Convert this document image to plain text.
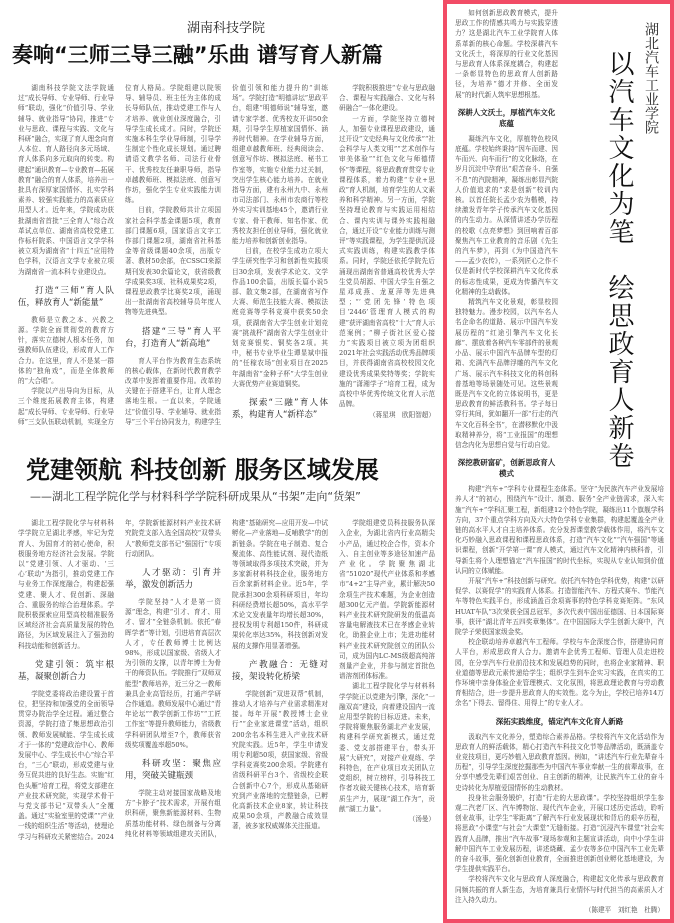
湖南科技学院
奏响“三师三导三融”乐曲 谱写育人新篇

湖南科技学院文法学院通过“成长导师、专业导师、行业导师”联动，强化“价值引导、学业辅导、就业指导”协同，推进“专业与思政、课程与实践、文化与科研”融合，实现了育人理念向育人本位、育人路径向多元场域、育人体系向多元取向的转变。构建起“通识教育—专业教育—拓展教育”融合的育人体系，培养出一批具有深厚家国情怀、扎实学科素养、较强实践能力的高素质应用型人才。近年来，学院成功获批湖南省首批“三全育人”综合改革试点单位、湖南省高校党建工作标杆院系、中国语言文学学科被立项为湖南省“十四五”应用特色学科，汉语言文学专业被立项为湖南省一流本科专业建设点。

打造“三师”育人队伍，释放育人“新能量”

教师是立教之本、兴教之源。学院全面贯彻党的教育方针，落实立德树人根本任务，加强教师队伍建设，形成育人工作合力。在这里，育人不是某一群体的“独角戏”，而是全体教师的“大合唱”。

学院以产出导向为目标，从三个维度拓展教育主体，构建起“成长导师、专业导师、行业导师”三支队伍联动机制，实现全方位育人格局。学院组建以院领导、辅导员、班主任为主体的成长导师队伍，推动党建工作与人才培养、就业创业深度融合，引导学生成长成才。同时，学院还实施本科生学业导师制，引导学生制定个性化成长规划。通过聘请语文教学名师、司法行业骨干、优秀校友任兼职导师，指导卓越教师班、模拟法庭、创意写作坊，强化学生专业实践能力训练。

目前，学院教师共计立项国家社会科学基金课题5项，教育部门课题6项，国家语言文字工作部门课题2项，湖南省社科基金等省级课题40余项，出版专著、教材50余部，在CSSCI来源期刊发表30余篇论文，获省级教学成果奖3项、社科成果奖2项，课程思政教学比赛奖2项，涌现出一批湖南省高校辅导员年度人物等先进典型。

搭建“三导”育人平台，打造育人“新高地”

育人平台作为教育生态系统的核心载体，在新时代教育教学改革中发挥着重要作用。改革的关键在于搭建平台，让育人理念落地生根。一直以来，学院通过“价值引导、学业辅导、就业指导”三个平台协同发力，构建学生价值引领和能力提升的“训练场”。学院打造“明德讲坛”思政平台，组建“明德师说”辅导室，邀请专家学者、优秀校友开讲50余期，引导学生厚植家国情怀、涵养时代精神。在学业辅导方面，组建卓越教师班、经典阅读会、创意写作坊、模拟法庭、秘书工作室等，实施专业能力过关制，突出学生核心能力培养。在就业指导方面，建有永州九中、永州市司法部门、永州市农商行等校外实习实训基地45个，邀请行业专家、骨干教师、知名作家、优秀校友担任创业导师，强化就业能力培养和创新创业指导。

目前，在校学生成功立项大学生研究性学习和创新性实践项目30余项，发表学术论文、文学作品100余篇，出版长篇小说5部、散文集2部，在湖南省写作大赛、师范生技能大赛、模拟法庭竞赛等学科竞赛中获奖50余项，获湖南省大学生创业计划竞赛“挑战杯”湖南省大学生创业计划竞赛银奖、铜奖各2项。其中，秘书专业毕业生谭显斌申报的“任稼农场”创业项目在2025年湖南省“金种子杯”大学生创业大赛优势产业赛道铜奖。

探索“三融”育人体系，构建育人“新样态”

学院积极推进“专业与思政融合、课程与实践融合、文化与科研融合”一体化建设。

一方面，学院坚持立德树人，加强专业课程思政建设，通过开设“文史经典与文化传承”“社会科学与人类文明”“艺术创作与审美体验”“红色文化与师德情怀”等课程，将思政教育贯穿专业课程体系，着力构建“专业+思政”育人机制，培育学生的人文素养和科学精神。另一方面，学院坚持理论教育与实践运用相结合、课内实训与课外实践相融合，通过开设“专业能力训练与测评”等实践课程，为学生提供沉浸式实践训练，构建实践教学体系。同时，学院还依托学院先后涌现出湖南省普通高校优秀大学生党员胡源、中国大学生自强之星邓成燕、龙夏萍等先进典型；“‘党团先锋’特色项目‘2446’管理育人模式的构建”获评湖南省高校“十大”育人示范案例；“柳子街社区爱心接力”实践项目被立项为团组织2021年社会实践活动优秀品牌项目，并获得湖南省高校校园文化建设优秀成果奖特等奖；学院实施的“潇湘学子”培育工程，成为高校中华优秀传统文化育人示范品牌。

（蒋星琪　欧阳智超）

党建领航 科技创新 服务区域发展
——湖北工程学院化学与材料科学学院科研成果从“书架”走向“货架”

湖北工程学院化学与材料科学学院立足湖北孝感，牢记为党育人、为国育才的初心使命，积极服务地方经济社会发展。学院以“党建引领、人才驱动、‘三心’联动”为指引，推动党建工作与业务工作深度融合，构建起强党建、聚人才、促创新、深融合、重服务的综合治理体系。学院积极探索应用型高校精准服务区域经济社会高质量发展的特色路径，为区域发展注入了强劲的科技动能和创新活力。

党建引领：筑牢根基，凝聚创新合力

学院党委将政治建设置于首位，把坚持和加强党的全面领导贯穿办院治学全过程。通过整合资源，学院打造了集思想政治引领、教师发展赋能、学生成长成才于一体的“党建政治中心、教师发展中心、学生成长中心”综合平台，“三心”联动，形成党建与业务互促共进的良好生态。实施“红色头雁”培育工程，将党支部建在产业技术研究院，实现学术骨干与党支部书记“双带头人”全覆盖。通过“实验室里的党课”“产业一线的组织生活”等活动，使理论学习与科研攻关紧密结合。2024年，学院新能源材料产业技术研究院党支部入选全国高校“双带头人”教师党支部书记“强国行”专项行动团队。

人才驱动：引育并举，激发创新活力

学院坚持“人才是第一资源”理念，构建“引才、育才、用才、留才”全链条机制。依托“春晖学者”等计划，引进培育高层次人才，专任教师博士比例达98%，形成以国家级、省级人才为引领的支撑，以青年博士为骨干的师资队伍。学院推行“双师双能型”教师培养，近三分之一教师兼具企业高管经历，打通产学研合作通道。教师发展中心通过“青年论坛”“教学创新工作坊”“工匠工作室”等提升教师能力，省级教学科研团队增至7个，教师获省级奖项覆盖率超50%。

科研攻坚：聚焦应用，突破关键瓶颈

学院主动对接国家战略及地方“卡脖子”技术需求，开展有组织科研，聚焦新能源材料、生物质基功能材料、绿色制备与分离纯化材料等领域组建攻关团队，构建“基础研究—应用开发—中试孵化—产业落地—反哺教学”的创新链条。学院在电子制造、复合聚流体、高性能试剂、现代造纸等领域取得多项技术突破，并为多家新材料科技企业，服务地方百余家新材料企业。近5年，学院承担300余项科研项目，年均科研经费增长超50%，高水平学术论文发表量年均增长超30%，授权发明专利超150件，科研成果转化率达35%，科技创新对发展的支撑作用显著增强。

产教融合：无缝对接，架设转化桥梁

学院创新“双进双帮”机制，推动人才培养与产业需求精准对接。每年开展“教授博士企业行”“企业家进课堂”活动，组织200余名本科生进入产业技术研究院实践。近5年，学生申请发明专利超50项，获国家级、省级学科竞赛奖200余项。学院建有省级科研平台3个、省级校企联合创新中心7个，形成从基础研究到产业落地的完整链条，已孵化高新技术企业8家，转让科技成果50余项，产教融合成效显著，被多家权威媒体关注报道。

学院组建党员科技服务队深入企业，为湖北省内行业高精尖小产品，通过校企合作，资本介入、自主创业等多途径加速产品产业化。学院聚焦湖北省“51020”现代产业体系和孝感市“4+2”主导产业，累计解决50余项生产技术难题，为企业创造超300亿元产值。学院新能源材料产业技术研究院研发的低温高容量电解液技术已在孝感企业转化，助推企业上市；先进功能材料产业技术研究院创立的团队公司，成为国内LC-MS级超高纯溶剂量产企业，并参与制定首批色谱溶剂团体标准。

湖北工程学院化学与材料科学学院正以党建为引擎，深化“一融双高”建设，向着建设国内一流应用型学院的目标迈进。未来，学院将聚焦服务湖北产业发展，构建科学研究新模式，通过党委、党支部搭建平台，带头开展“大研究”，对接产业观练、学科特色，在产业项目攻关团队立党组织，树立榜样，引导科技工作者攻破关键核心技术，培育新质生产力，展现“湖工作为”，贡献“湖工力量”。

（汤曼）

湖北汽车工业学院
以汽车文化为笔　绘思政育人新卷

如何创新思政教育模式，提升思政工作的情感共鸣力与实践穿透力？这是湖北汽车工业学院育人体系革新的核心命题。学校深耕汽车文化沃土，将深厚的行业文化基因与思政育人体系深度耦合，构建起一条彰显特色的思政育人创新路径，为培养“德才并修、全面发展”的时代新人筑牢思想根基。

深耕人文沃土，厚植汽车文化底蕴

凝练汽车文化，厚植特色校风底蕴。学校始终秉持“因车而建、因车而兴、向车而行”的文化脉络，在岁月沉淀中孕育出“艰苦奋斗、自强不息”的汽院精神，凝练出彰显汽院人价值追求的“求是创新”校训内核。以首任院长孟少农为楷模，持续激发青年学子传承汽车文化基因的内生动力。从深情讲述办学历程的校歌《点亮梦想》到回响着百部聚焦汽车工业教育的音乐剧《先生的汽车梦》，再到《为中国造汽车——孟少农传》，一系列匠心之作不仅是新时代学校深耕汽车文化传承的标志性成果，更成为传播汽车文化精神的生动载体。

精筑汽车文化景观，彰显校园独特魅力。漫步校园，以汽车名人名企命名的道路、展示中国汽车发展历程的“红途引擎汽车文化长廊”、摆放着各种汽车零部件的景观小品、展示中国汽车品牌车型的灯箱、充满汽车品牌浮雕的汽车文化广场、展示汽车科技文化的科创科普基地等场景随处可见。这些景观既是汽车文化的立体说明书，更是思政教育的鲜活教科书。学子每日穿行其间，犹如翻开一部“行走的汽车文化百科全书”，在潜移默化中汲取精神养分，将“工业报国”的理想信念内化为思想自觉与行动自觉。

深挖教研富矿，创新思政育人模式

构建“汽车+”学科专业课程生态体系。坚守“为民族汽车产业发展培养人才”的初心，围绕汽车“设计、制造、服务”全产业链需求，深入实施“汽车+”学科汇聚工程，新组建12个特色学院，凝练出11个旗舰学科方向，37个重点学科方向及六大特色学科专业集群，构建起覆盖全产业链的高水平人才自主培养体系。充分发挥课堂教学载体作用，将汽车文化巧妙融入思政课程和课程思政体系，打造“汽车文化”“汽车强国”等通识课程，创新“开学第一课”育人模式，通过汽车文化精神内核科普，引导新生将个人理想锚定“汽车报国”的时代坐标，实现从专业认知到价值认同的立体赋能。

开展“汽车+”科技创新与研究。依托汽车特色学科优势，构建“以研促学、以赛促学”的实践育人体系。打造智能汽车、方程式赛车、节能汽车等特色实践平台，形成涵盖百余项赛事的特色学科竞赛矩阵。“东风HUAT车队”3次荣获全国总冠军，多次代表中国出征德国、日本国际赛事，获评“湖北青年五四奖章集体”。在中国国际大学生创新大赛中，汽院学子荣获国家级金奖。

校企联动培养卓越汽车工程师。学校与车企深度合作，搭建协同育人平台，形成思政育人合力。邀请车企优秀工程师、管理人员走进校园，在分享汽车行业前沿技术和发展趋势的同时，也将企业家精神、职业道德等思政元素传递给学生；组织学生到车企实习实践，在真实的工作环境中亲身体验企业管理模式、文化氛围，将思政理论教育与劳动教育相结合，进一步提升思政育人的实效性。迄今为止，学校已培养14万余名“下得去、留得住、用得上”的专业人才。

深拓实践维度，锚定汽车文化育人新路

汲取汽车文化养分，塑造综合素养品格。学校将汽车文化活动作为思政育人的鲜活载体，精心打造汽车科技文化节等品牌活动，既涵盖专业竞技项目，更巧妙植入思政教育基因。例如，“讲述汽车行业先辈奋斗历程”，引导学生深度挖掘那些为中国汽车事业奉献一生的前辈故事，在分享中感受先辈们艰苦创业、自主创新的精神，让民族汽车工业的奋斗史诗转化为厚植爱国情怀的生动教材。

投身社会服务锻炉，打造“行走的大思政课”。学校坚持组织学生参观二汽老厂区、汽车博物馆、现代汽车企业，开展口述历史活动，聆听创业故事，让学生“零距离”了解汽车行业发展现状和背后的艰辛历程，将思政“小课堂”与社会“大课堂”无缝衔接。打造“沉浸汽车课堂”社会实践育人品牌，推出“汽车故事”现场参观和主题宣讲活动，向中小学生讲解中国汽车工业发展历程，讲述烧藏、孟少农等多位中国汽车工业先辈的奋斗故事，强化创新创业教育，全面推进创新创业孵化基地建设，为学生提供实践平台。

学校将汽车文化与思政育人深度融合，构建起文化传承与思政教育同频共振的育人新生态，为培育兼具行业情怀与时代担当的高素质人才注入持久动力。

（陈建平　刘红艳　杜腾）
